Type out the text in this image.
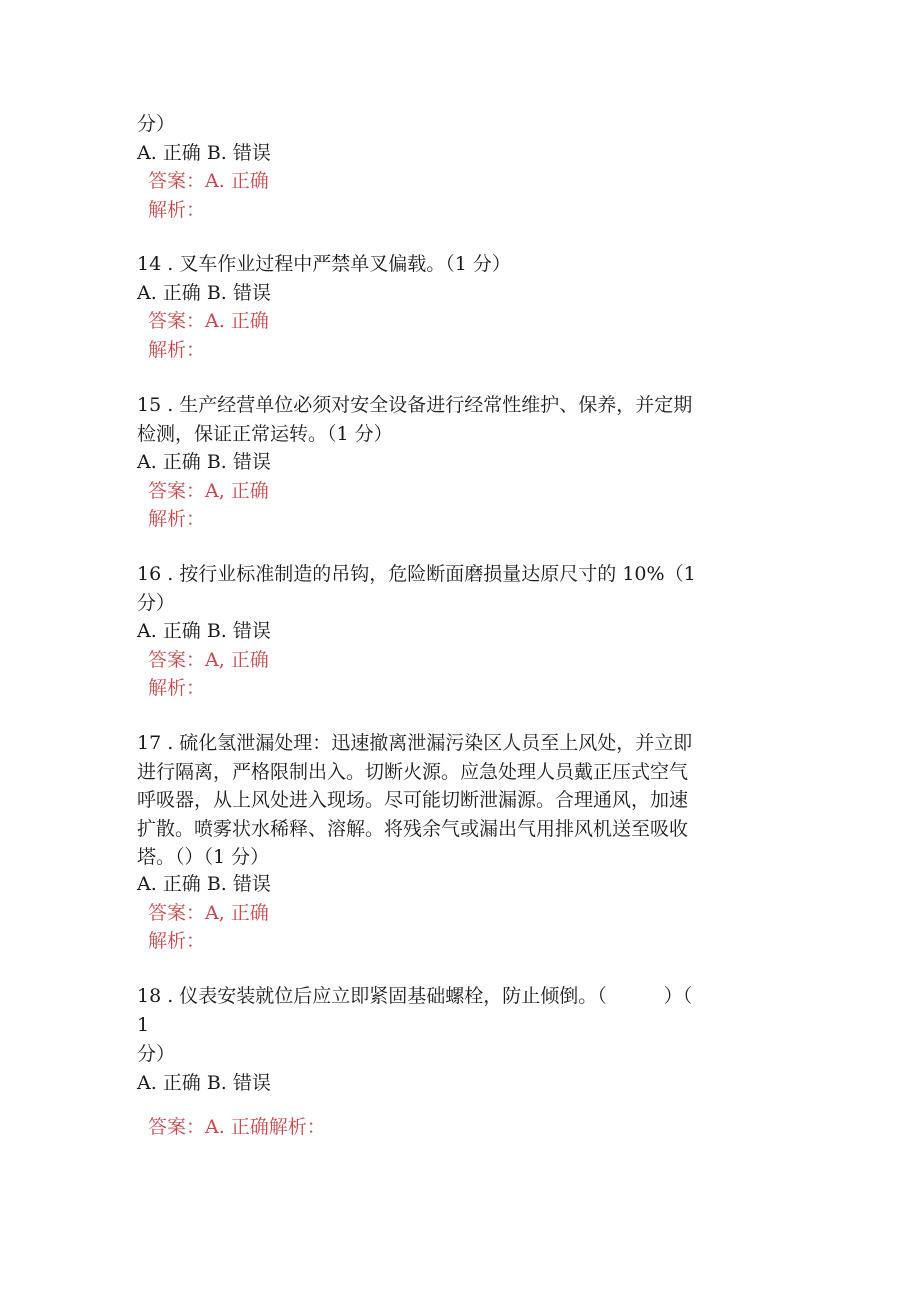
分）
A. 正确 B. 错误
答案：A. 正确
解析：
14 . 叉车作业过程中严禁单叉偏载。（1 分）
A. 正确 B. 错误
答案：A. 正确
解析：
15 . 生产经营单位必须对安全设备进行经常性维护、保养，并定期
检测，保证正常运转。（1 分）
A. 正确 B. 错误
答案：A, 正确
解析：
16 . 按行业标准制造的吊钩，危险断面磨损量达原尺寸的 10%（1
分）
A. 正确 B. 错误
答案：A, 正确
解析：
17 . 硫化氢泄漏处理：迅速撤离泄漏污染区人员至上风处，并立即
进行隔离，严格限制出入。切断火源。应急处理人员戴正压式空气
呼吸器，从上风处进入现场。尽可能切断泄漏源。合理通风，加速
扩散。喷雾状水稀释、溶解。将残余气或漏出气用排风机送至吸收
塔。（）（1 分）
A. 正确 B. 错误
答案：A, 正确
解析：
18 . 仪表安装就位后应立即紧固基础螺栓，防止倾倒。（　　　）（
1
分）
A. 正确 B. 错误
答案：A. 正确解析：
